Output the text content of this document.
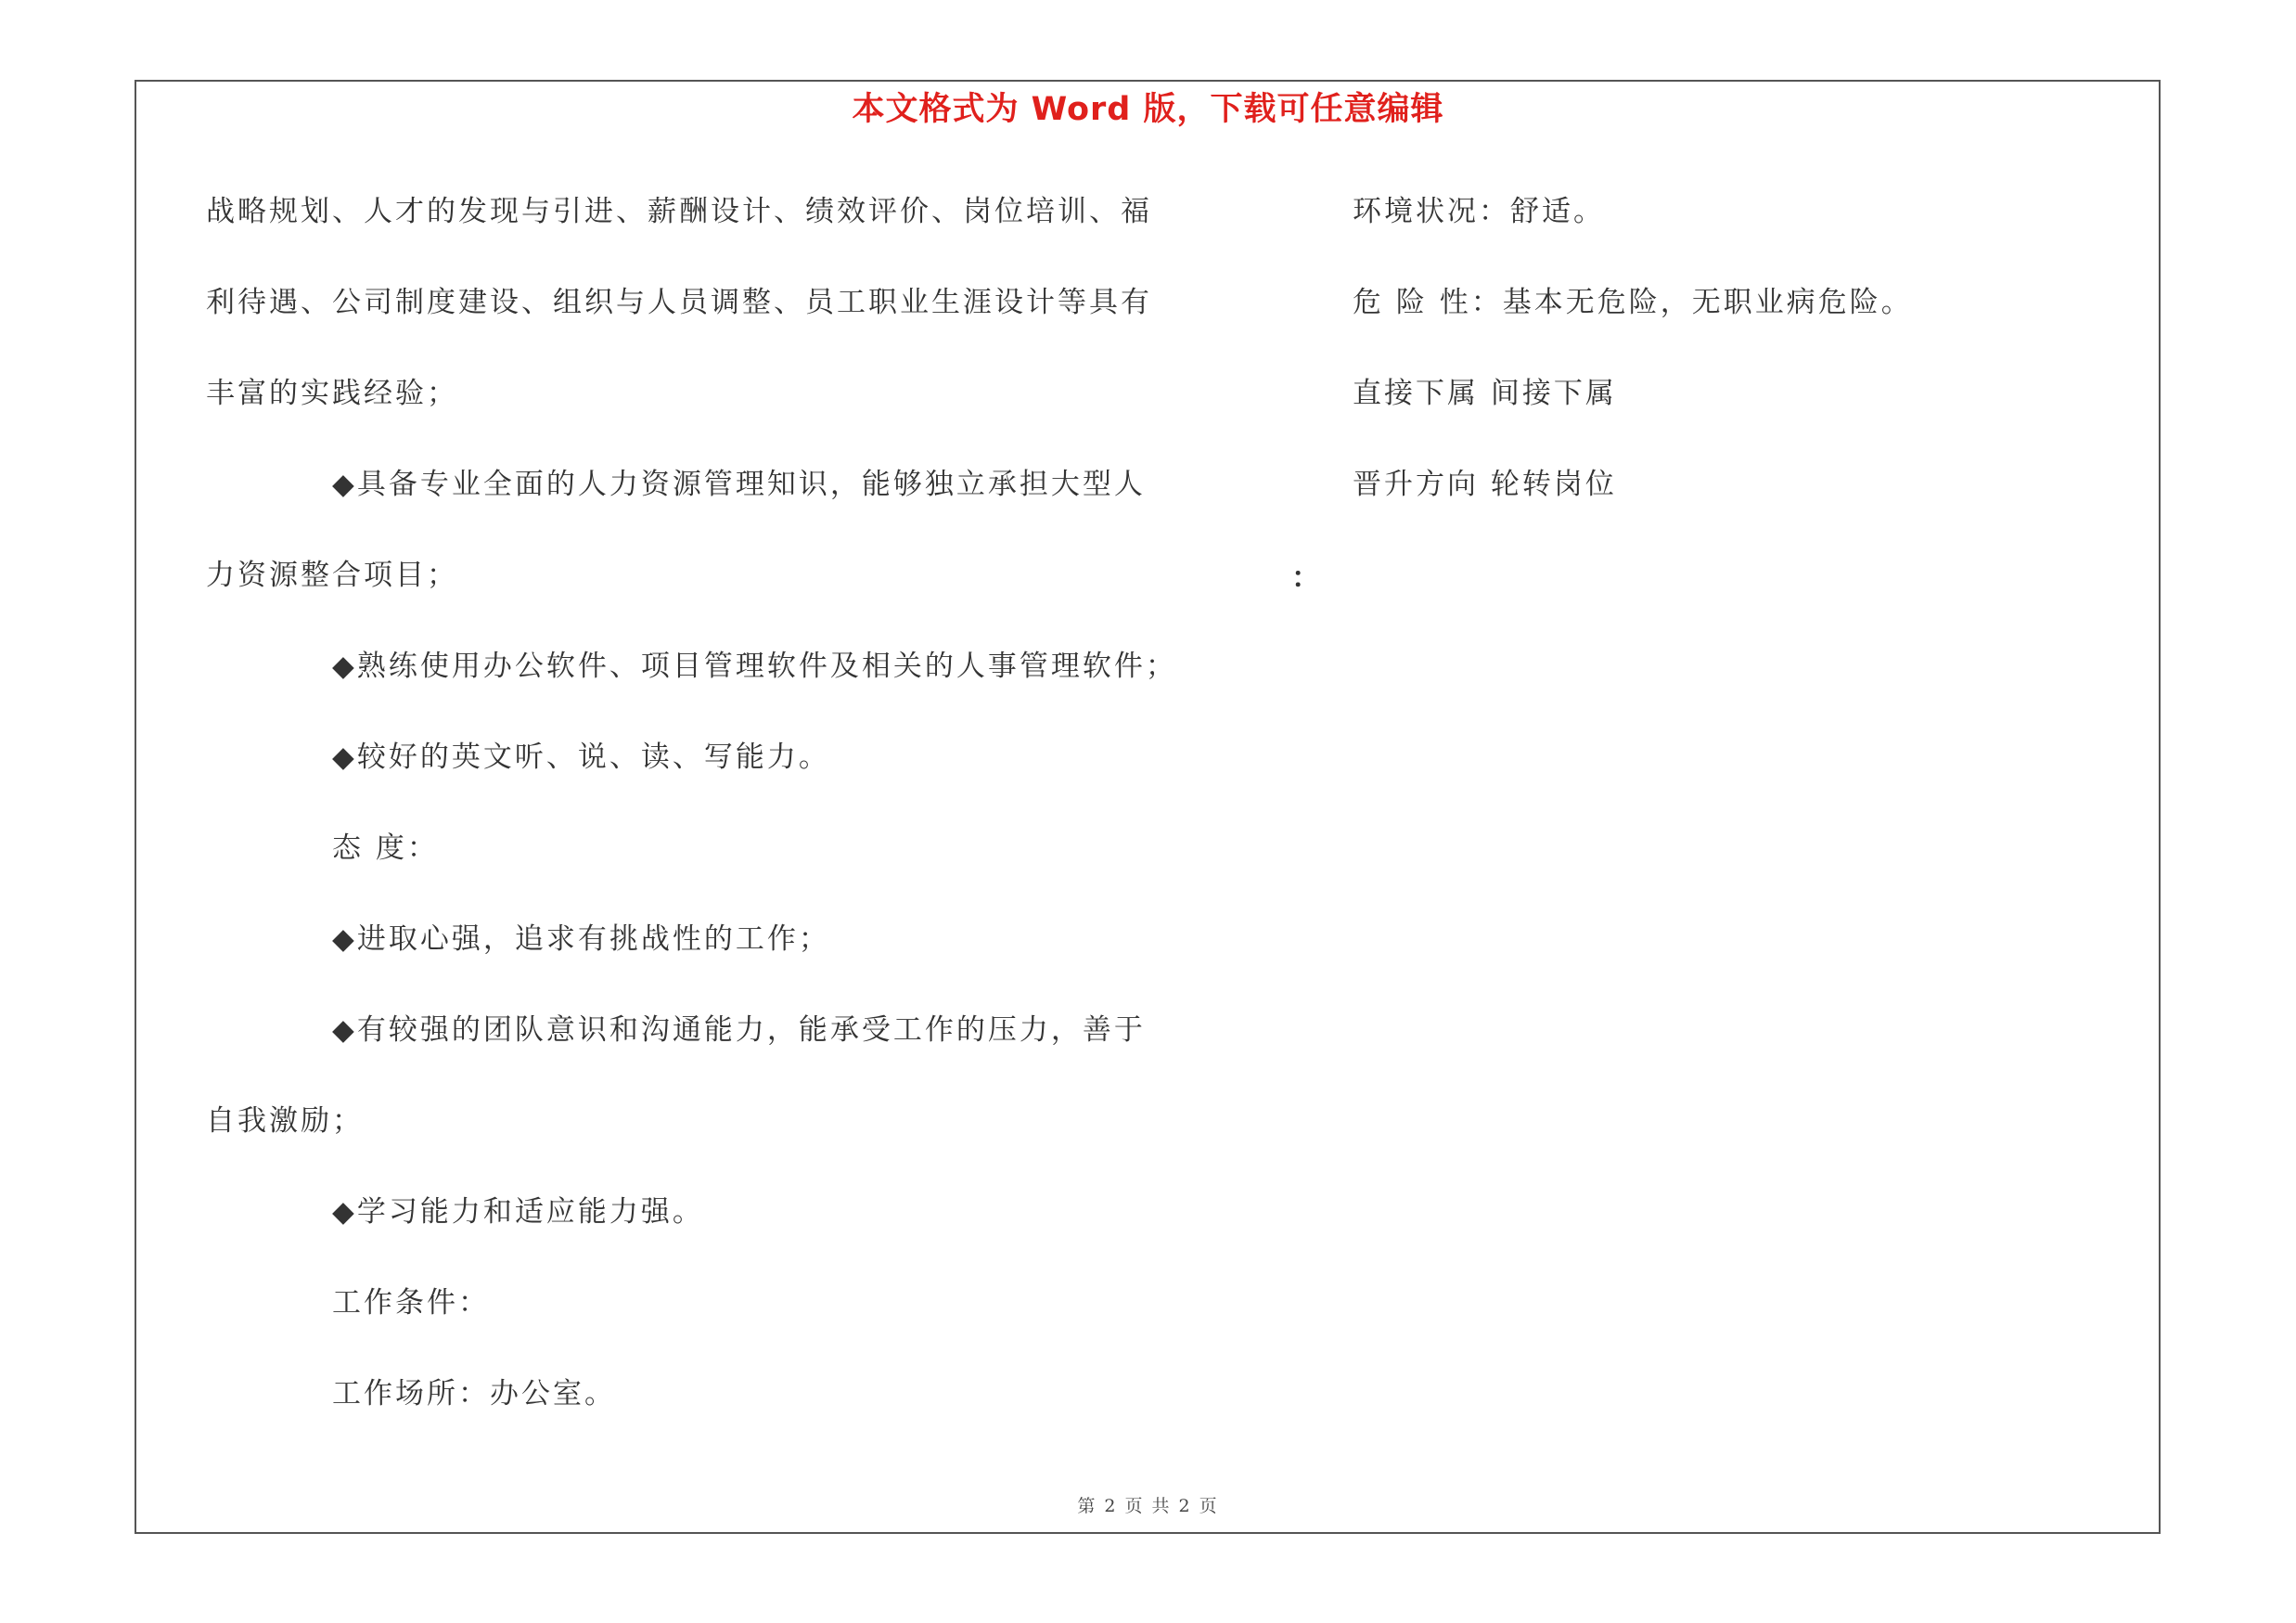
本文格式为 Word 版，下载可任意编辑
战略规划、人才的发现与引进、薪酬设计、绩效评价、岗位培训、福
利待遇、公司制度建设、组织与人员调整、员工职业生涯设计等具有
丰富的实践经验；
◆具备专业全面的人力资源管理知识，能够独立承担大型人
力资源整合项目；
◆熟练使用办公软件、项目管理软件及相关的人事管理软件；
◆较好的英文听、说、读、写能力。
态 度：
◆进取心强，追求有挑战性的工作；
◆有较强的团队意识和沟通能力，能承受工作的压力，善于
自我激励；
◆学习能力和适应能力强。
工作条件：
工作场所：办公室。
：
环境状况：舒适。
危 险 性：基本无危险，无职业病危险。
直接下属 间接下属
晋升方向 轮转岗位
第 2 页 共 2 页
